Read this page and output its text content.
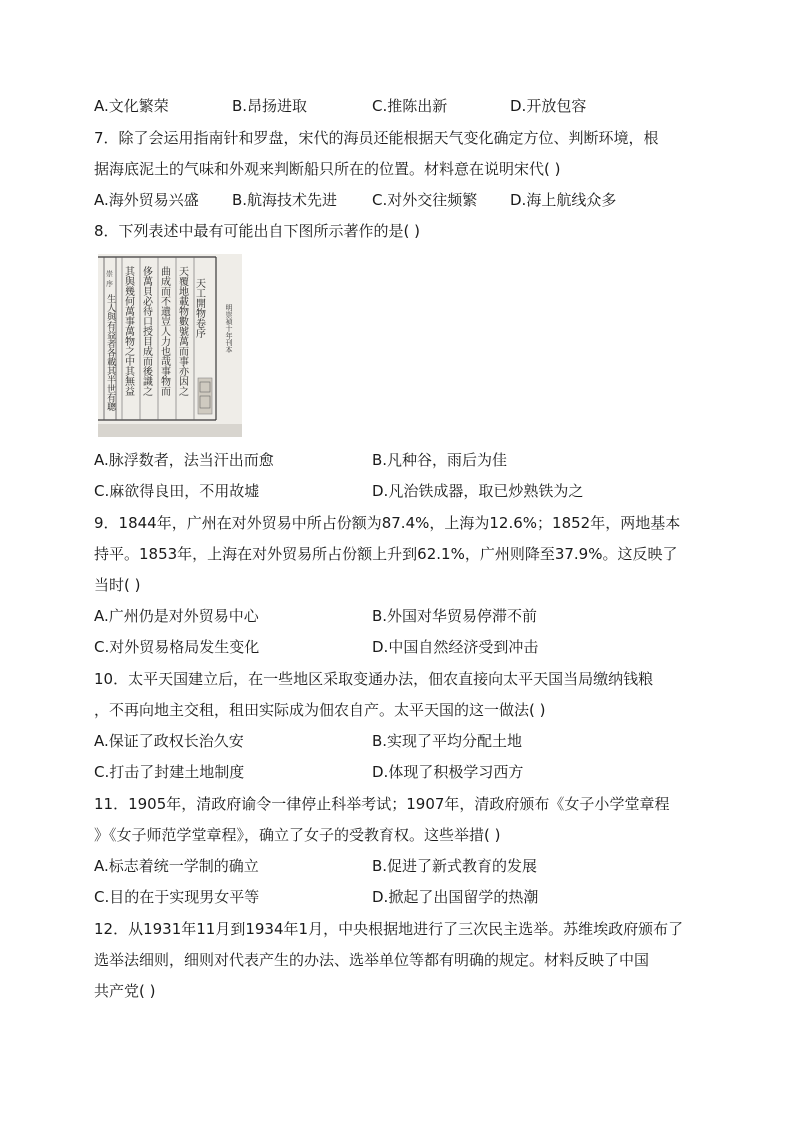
A.文化繁荣	B.昂扬进取	C.推陈出新	D.开放包容
7．除了会运用指南针和罗盘，宋代的海员还能根据天气变化确定方位、判断环境，根
据海底泥土的气味和外观来判断船只所在的位置。材料意在说明宋代( )
A.海外贸易兴盛 B.航海技术先进 C.对外交往频繁 D.海上航线众多
8．下列表述中最有可能出自下图所示著作的是( )
崇
序	天工開物卷序
天覆地載物數號萬而事亦因之
曲成而不遺豈人力也哉事物而
侈萬貝必待口授目成而後識之
其與幾何萬事萬物之中其無益
生人與有益者各載其半世有聰	明崇禎十年刊本
A.脉浮数者，法当汗出而愈	B.凡种谷，雨后为佳
C.麻欲得良田，不用故墟	D.凡治铁成器，取已炒熟铁为之
9．1844年，广州在对外贸易中所占份额为87.4%，上海为12.6%；1852年，两地基本
持平。1853年，上海在对外贸易所占份额上升到62.1%，广州则降至37.9%。这反映了
当时( )
A.广州仍是对外贸易中心	B.外国对华贸易停滞不前
C.对外贸易格局发生变化	D.中国自然经济受到冲击
10．太平天国建立后，在一些地区采取变通办法，佃农直接向太平天国当局缴纳钱粮
，不再向地主交租，租田实际成为佃农自产。太平天国的这一做法( )
A.保证了政权长治久安	B.实现了平均分配土地
C.打击了封建土地制度	D.体现了积极学习西方
11．1905年，清政府谕令一律停止科举考试；1907年，清政府颁布《女子小学堂章程
》《女子师范学堂章程》，确立了女子的受教育权。这些举措( )
A.标志着统一学制的确立	B.促进了新式教育的发展
C.目的在于实现男女平等	D.掀起了出国留学的热潮
12．从1931年11月到1934年1月，中央根据地进行了三次民主选举。苏维埃政府颁布了
选举法细则，细则对代表产生的办法、选举单位等都有明确的规定。材料反映了中国
共产党( )
